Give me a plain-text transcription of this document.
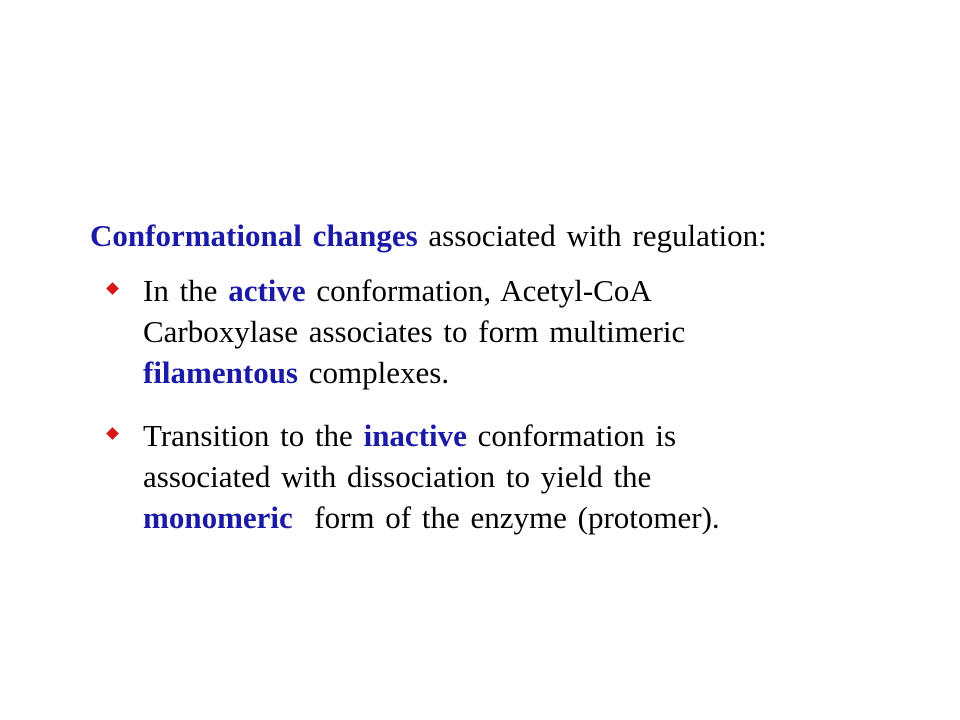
Conformational changes associated with regulation:
In the active conformation, Acetyl-CoA
Carboxylase associates to form multimeric
filamentous complexes.
Transition to the inactive conformation is
associated with dissociation to yield the
monomeric  form of the enzyme (protomer).
